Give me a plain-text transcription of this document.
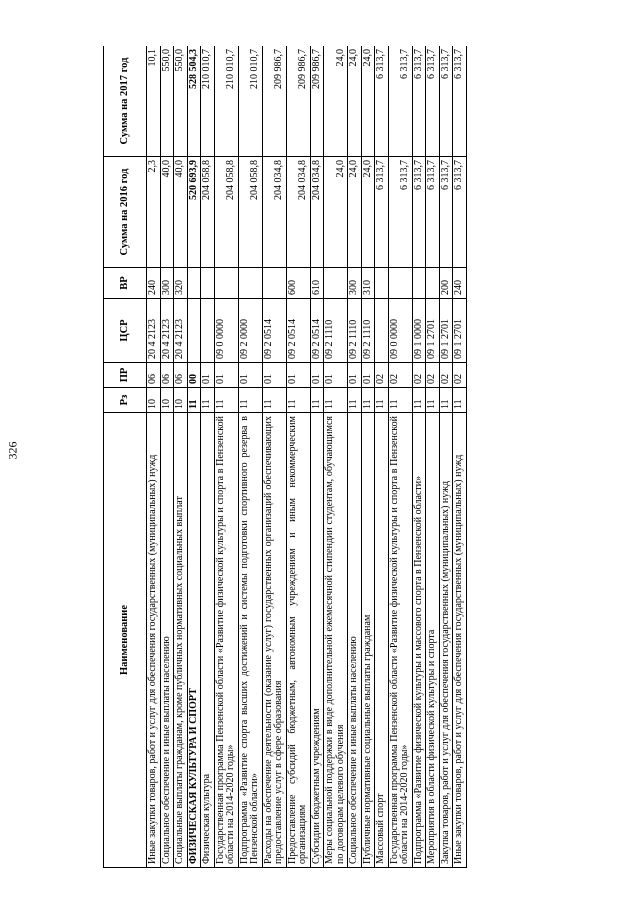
326
Наименование	Рз	ПР	ЦСР	ВР	Сумма на 2016 год	Сумма на 2017 год
Иные закупки товаров, работ и услуг для обеспечения государственных (муниципальных) нужд	10	06	20 4 2123	240	2,3	10,1
Социальное обеспечение и иные выплаты населению	10	06	20 4 2123	300	40,0	550,0
Социальные выплаты гражданам, кроме публичных нормативных социальных выплат	10	06	20 4 2123	320	40,0	550,0
ФИЗИЧЕСКАЯ КУЛЬТУРА И СПОРТ	11	00			520 693,9	528 504,3
Физическая культура	11	01			204 058,8	210 010,7
Государственная программа Пензенской области «Развитие физической культуры и спорта в Пензенской области на 2014-2020 годы»	11	01	09 0 0000		204 058,8	210 010,7
Подпрограмма «Развитие спорта высших достижений и системы подготовки спортивного резерва в Пензенской области»	11	01	09 2 0000		204 058,8	210 010,7
Расходы на обеспечение деятельности (оказание услуг) государственных организаций обеспечивающих предоставление услуг в сфере образования	11	01	09 2 0514		204 034,8	209 986,7
Предоставление субсидий бюджетным, автономным учреждениям и иным некоммерческим организациям	11	01	09 2 0514	600	204 034,8	209 986,7
Субсидии бюджетным учреждениям	11	01	09 2 0514	610	204 034,8	209 986,7
Меры социальной поддержки в виде дополнительной ежемесячной стипендии студентам, обучающимся по договорам целевого обучения	11	01	09 2 1110		24,0	24,0
Социальное обеспечение и иные выплаты населению	11	01	09 2 1110	300	24,0	24,0
Публичные нормативные социальные выплаты гражданам	11	01	09 2 1110	310	24,0	24,0
Массовый спорт	11	02			6 313,7	6 313,7
Государственная программа Пензенской области «Развитие физической культуры и спорта в Пензенской области на 2014-2020 годы»	11	02	09 0 0000		6 313,7	6 313,7
Подпрограмма «Развитие физической культуры и массового спорта в Пензенской области»	11	02	09 1 0000		6 313,7	6 313,7
Мероприятия в области физической культуры и спорта	11	02	09 1 2701		6 313,7	6 313,7
Закупка товаров, работ и услуг для обеспечения государственных (муниципальных) нужд	11	02	09 1 2701	200	6 313,7	6 313,7
Иные закупки товаров, работ и услуг для обеспечения государственных (муниципальных) нужд	11	02	09 1 2701	240	6 313,7	6 313,7
